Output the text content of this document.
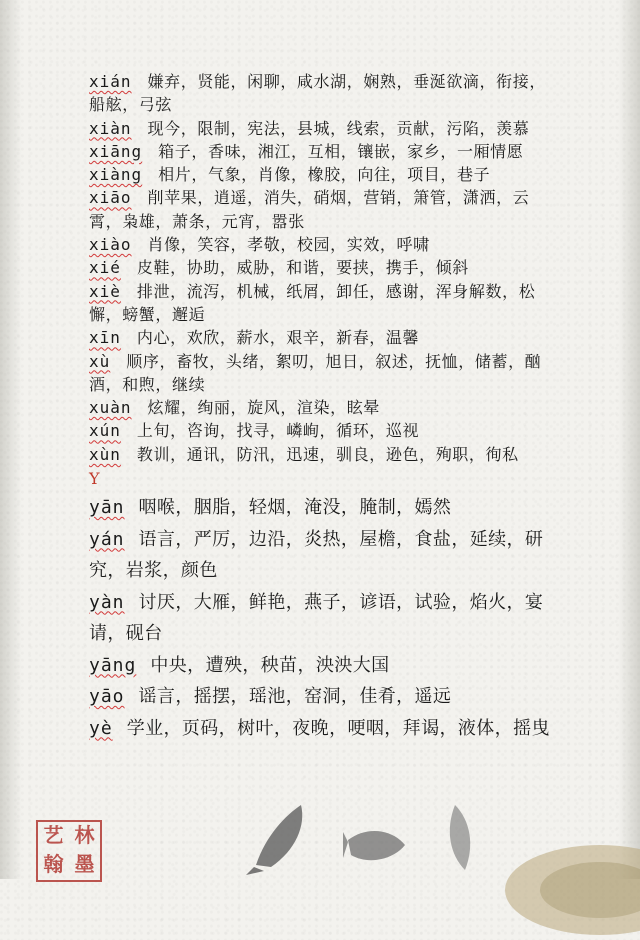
xián 嫌弃，贤能，闲聊，咸水湖，娴熟，垂涎欲滴，衔接，船舷，弓弦

xiàn 现今，限制，宪法，县城，线索，贡献，污陷，羡慕

xiāng 箱子，香味，湘江，互相，镶嵌，家乡，一厢情愿

xiàng 相片，气象，肖像，橡胶，向往，项目，巷子

xiāo 削苹果，逍遥，消失，硝烟，营销，箫管，潇洒，云霄，枭雄，萧条，元宵，嚣张

xiào 肖像，笑容，孝敬，校园，实效，呼啸

xié 皮鞋，协助，威胁，和谐，要挟，携手，倾斜

xiè 排泄，流泻，机械，纸屑，卸任，感谢，浑身解数，松懈，螃蟹，邂逅

xīn 内心，欢欣，薪水，艰辛，新春，温馨

xù 顺序，畜牧，头绪，絮叨，旭日，叙述，抚恤，储蓄，酗酒，和煦，继续

xuàn 炫耀，绚丽，旋风，渲染，眩晕

xún 上旬，咨询，找寻，嶙峋，循环，巡视

xùn 教训，通讯，防汛，迅速，驯良，逊色，殉职，徇私

Y

yān 咽喉，胭脂，轻烟，淹没，腌制，嫣然

yán 语言，严厉，边沿，炎热，屋檐，食盐，延续，研究，岩浆，颜色

yàn 讨厌，大雁，鲜艳，燕子，谚语，试验，焰火，宴请，砚台

yāng 中央，遭殃，秧苗，泱泱大国

yāo 谣言，摇摆，瑶池，窑洞，佳肴，遥远

yè 学业，页码，树叶，夜晚，哽咽，拜谒，液体，摇曳

艺 林
翰 墨
